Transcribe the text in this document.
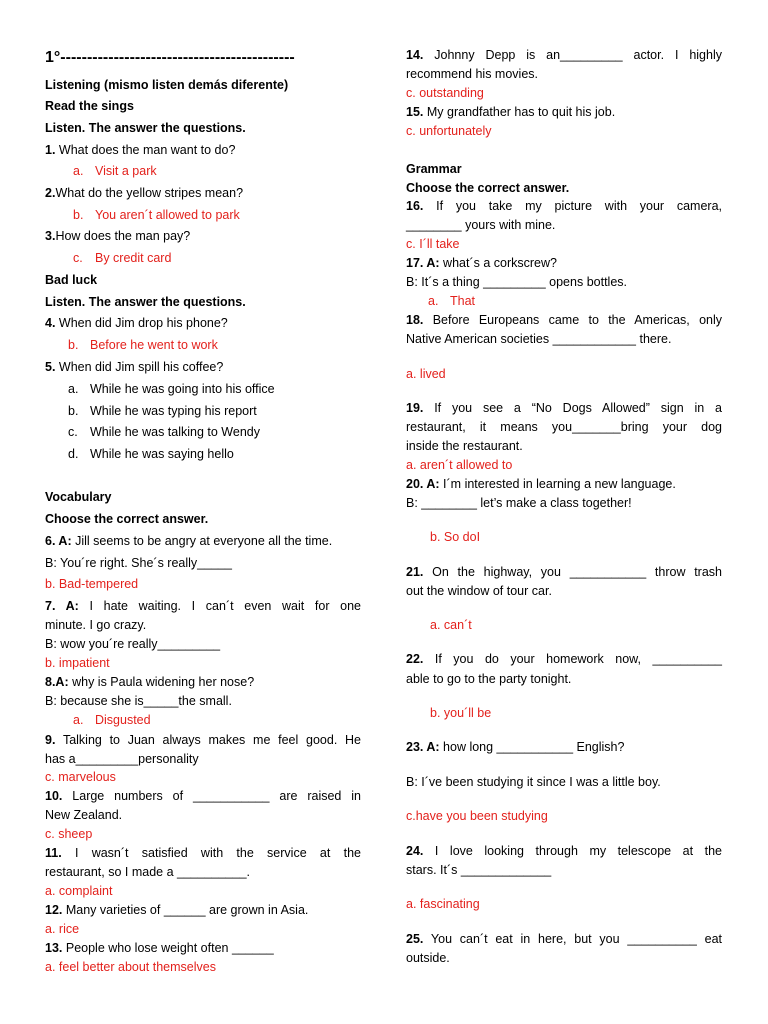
1°--------------------------------------------
Listening (mismo listen demás diferente)
Read the sings
Listen. The answer the questions.
1. What does the man want to do?
a. Visit a park
2.What do the yellow stripes mean?
b. You aren´t allowed to park
3.How does the man pay?
c. By credit card
Bad luck
Listen. The answer the questions.
4. When did Jim drop his phone?
b. Before he went to work
5. When did Jim spill his coffee?
a. While he was going into his office
b. While he was typing his report
c. While he was talking to Wendy
d. While he was saying hello
Vocabulary
Choose the correct answer.
6. A: Jill seems to be angry at everyone all the time.
B: You´re right. She´s really_____
b. Bad-tempered
7. A: I hate waiting. I can´t even wait for one
minute. I go crazy.
B: wow you´re really_________
b. impatient
8.A: why is Paula widening her nose?
B: because she is_____the small.
a. Disgusted
9. Talking to Juan always makes me feel good. He
has a_________personality
c. marvelous
10. Large numbers of ___________ are raised in
New Zealand.
c. sheep
11. I wasn´t satisfied with the service at the
restaurant, so I made a __________.
a. complaint
12. Many varieties of ______ are grown in Asia.
a. rice
13. People who lose weight often ______
a. feel better about themselves
14. Johnny Depp is an_________ actor. I highly
recommend his movies.
c. outstanding
15. My grandfather has to quit his job.
c. unfortunately
Grammar
Choose the correct answer.
16. If you take my picture with your camera,
________ yours with mine.
c. I´ll take
17. A: what´s a corkscrew?
B: It´s a thing _________ opens bottles.
a. That
18. Before Europeans came to the Americas, only
Native American societies ____________ there.
a. lived
19. If you see a “No Dogs Allowed” sign in a
restaurant, it means you_______bring your dog
inside the restaurant.
a. aren´t allowed to
20. A: I´m interested in learning a new language.
B: ________ let’s make a class together!
b. So doI
21. On the highway, you ___________ throw trash
out the window of tour car.
a. can´t
22. If you do your homework now, __________
able to go to the party tonight.
b. you´ll be
23. A: how long ___________ English?
B: I´ve been studying it since I was a little boy.
c.have you been studying
24. I love looking through my telescope at the
stars. It´s _____________
a. fascinating
25. You can´t eat in here, but you __________ eat
outside.
